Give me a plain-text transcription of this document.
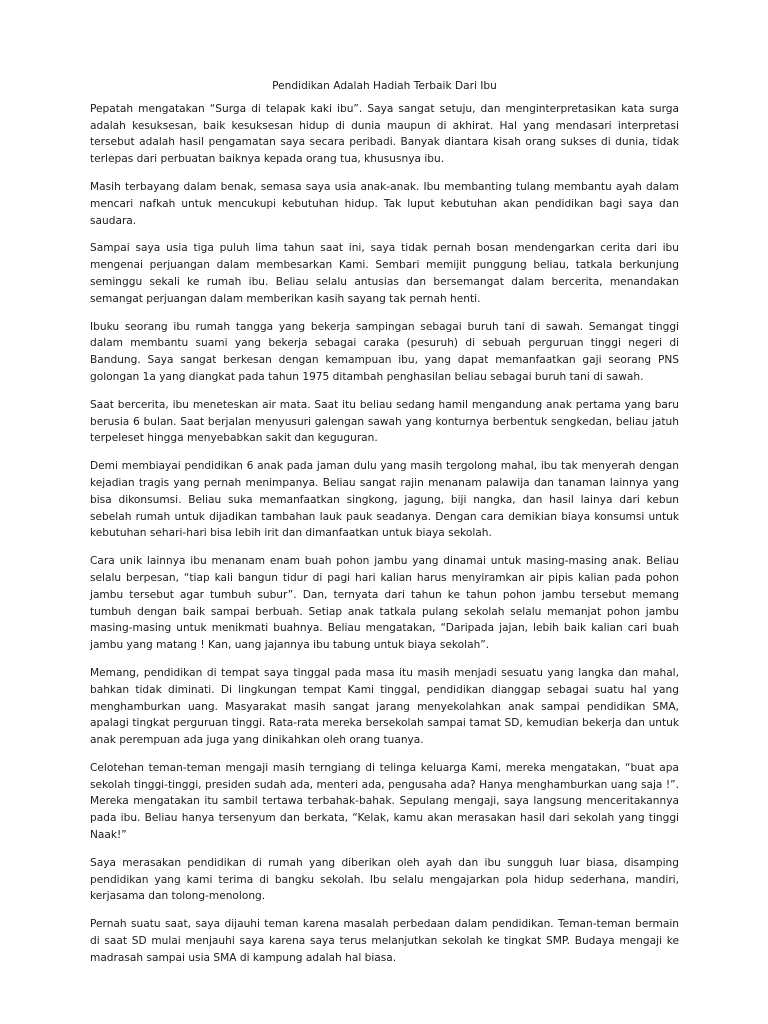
Pendidikan Adalah Hadiah Terbaik Dari Ibu

Pepatah mengatakan “Surga di telapak kaki ibu”. Saya sangat setuju, dan menginterpretasikan kata surga adalah kesuksesan, baik kesuksesan hidup di dunia maupun di akhirat. Hal yang mendasari interpretasi tersebut adalah hasil pengamatan saya secara peribadi. Banyak diantara kisah orang sukses di dunia, tidak terlepas dari perbuatan baiknya kepada orang tua, khususnya ibu.

Masih terbayang dalam benak, semasa saya usia anak-anak. Ibu membanting tulang membantu ayah dalam mencari nafkah untuk mencukupi kebutuhan hidup. Tak luput kebutuhan akan pendidikan bagi saya dan saudara.

Sampai saya usia tiga puluh lima tahun saat ini, saya tidak pernah bosan mendengarkan cerita dari ibu mengenai perjuangan dalam membesarkan Kami. Sembari memijit punggung beliau, tatkala berkunjung seminggu sekali ke rumah ibu. Beliau selalu antusias dan bersemangat dalam bercerita, menandakan semangat perjuangan dalam memberikan kasih sayang tak pernah henti.

Ibuku seorang ibu rumah tangga yang bekerja sampingan sebagai buruh tani di sawah. Semangat tinggi dalam membantu suami yang bekerja sebagai caraka (pesuruh) di sebuah perguruan tinggi negeri di Bandung. Saya sangat berkesan dengan kemampuan ibu, yang dapat memanfaatkan gaji seorang PNS golongan 1a yang diangkat pada tahun 1975 ditambah penghasilan beliau sebagai buruh tani di sawah.

Saat bercerita, ibu meneteskan air mata. Saat itu beliau sedang hamil mengandung anak pertama yang baru berusia 6 bulan. Saat berjalan menyusuri galengan sawah yang konturnya berbentuk sengkedan, beliau jatuh terpeleset hingga menyebabkan sakit dan keguguran.

Demi membiayai pendidikan 6 anak pada jaman dulu yang masih tergolong mahal, ibu tak menyerah dengan kejadian tragis yang pernah menimpanya. Beliau sangat rajin menanam palawija dan tanaman lainnya yang bisa dikonsumsi. Beliau suka memanfaatkan singkong, jagung, biji nangka, dan hasil lainya dari kebun sebelah rumah untuk dijadikan tambahan lauk pauk seadanya. Dengan cara demikian biaya konsumsi untuk kebutuhan sehari-hari bisa lebih irit dan dimanfaatkan untuk biaya sekolah.

Cara unik lainnya ibu menanam enam buah pohon jambu yang dinamai untuk masing-masing anak. Beliau selalu berpesan, “tiap kali bangun tidur di pagi hari kalian harus menyiramkan air pipis kalian pada pohon jambu tersebut agar tumbuh subur”. Dan, ternyata dari tahun ke tahun pohon jambu tersebut memang tumbuh dengan baik sampai berbuah. Setiap anak tatkala pulang sekolah selalu memanjat pohon jambu masing-masing untuk menikmati buahnya. Beliau mengatakan, “Daripada jajan, lebih baik kalian cari buah jambu yang matang ! Kan, uang jajannya ibu tabung untuk biaya sekolah”.

Memang, pendidikan di tempat saya tinggal pada masa itu masih menjadi sesuatu yang langka dan mahal, bahkan tidak diminati. Di lingkungan tempat Kami tinggal, pendidikan dianggap sebagai suatu hal yang menghamburkan uang. Masyarakat masih sangat jarang menyekolahkan anak sampai pendidikan SMA, apalagi tingkat perguruan tinggi. Rata-rata mereka bersekolah sampai tamat SD, kemudian bekerja dan untuk anak perempuan ada juga yang dinikahkan oleh orang tuanya.

Celotehan teman-teman mengaji masih terngiang di telinga keluarga Kami, mereka mengatakan, “buat apa sekolah tinggi-tinggi, presiden sudah ada, menteri ada, pengusaha ada? Hanya menghamburkan uang saja !”. Mereka mengatakan itu sambil tertawa terbahak-bahak. Sepulang mengaji, saya langsung menceritakannya pada ibu. Beliau hanya tersenyum dan berkata, “Kelak, kamu akan merasakan hasil dari sekolah yang tinggi Naak!”

Saya merasakan pendidikan di rumah yang diberikan oleh ayah dan ibu sungguh luar biasa, disamping pendidikan yang kami terima di bangku sekolah. Ibu selalu mengajarkan pola hidup sederhana, mandiri, kerjasama dan tolong-menolong.

Pernah suatu saat, saya dijauhi teman karena masalah perbedaan dalam pendidikan. Teman-teman bermain di saat SD mulai menjauhi saya karena saya terus melanjutkan sekolah ke tingkat SMP. Budaya mengaji ke madrasah sampai usia SMA di kampung adalah hal biasa.
